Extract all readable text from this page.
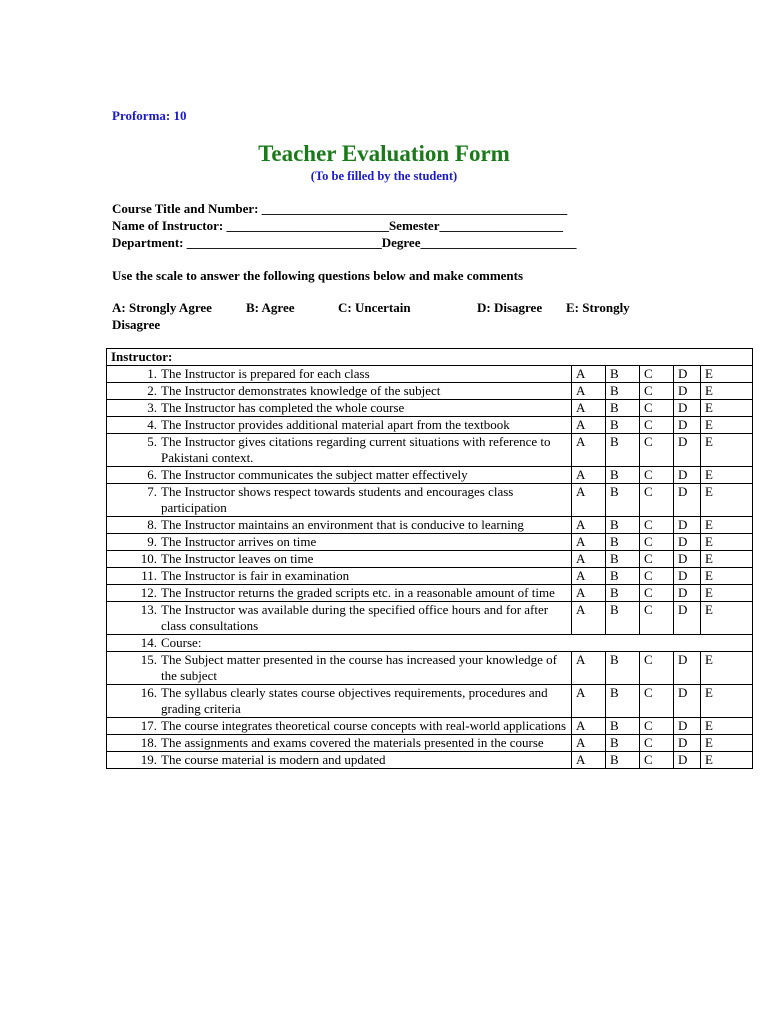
Proforma: 10
Teacher Evaluation Form
(To be filled by the student)
Course Title and Number: _______________________________________________
Name of Instructor: _________________________Semester___________________
Department: ______________________________Degree________________________
Use the scale to answer the following questions below and make comments
A: Strongly Agree	B: Agree	C: Uncertain	D: Disagree E: Strongly
Disagree
Instructor:					

1. The Instructor is prepared for each class	A	B	C	D	E

2. The Instructor demonstrates knowledge of the subject	A	B	C	D	E

3. The Instructor has completed the whole course	A	B	C	D	E

4. The Instructor provides additional material apart from the textbook	A	B	C	D	E

5. The Instructor gives citations regarding current situations with reference to Pakistani context.	A	B	C	D	E

6. The Instructor communicates the subject matter effectively	A	B	C	D	E

7. The Instructor shows respect towards students and encourages class participation	A	B	C	D	E

8. The Instructor maintains an environment that is conducive to learning	A	B	C	D	E

9. The Instructor arrives on time	A	B	C	D	E

10. The Instructor leaves on time	A	B	C	D	E

11. The Instructor is fair in examination	A	B	C	D	E

12. The Instructor returns the graded scripts etc. in a reasonable amount of time	A	B	C	D	E

13. The Instructor was available during the specified office hours and for after class consultations	A	B	C	D	E

14. Course:					

15. The Subject matter presented in the course has increased your knowledge of the subject	A	B	C	D	E

16. The syllabus clearly states course objectives requirements, procedures and grading criteria	A	B	C	D	E

17. The course integrates theoretical course concepts with real-world applications	A	B	C	D	E

18. The assignments and exams covered the materials presented in the course	A	B	C	D	E

19. The course material is modern and updated	A	B	C	D	E
